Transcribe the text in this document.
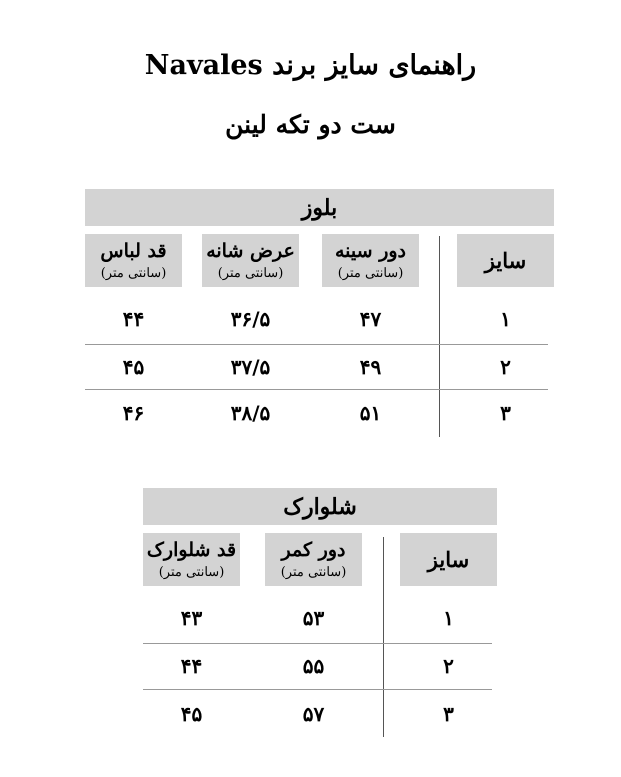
راهنمای سایز برند Navales
ست دو تکه لینن
بلوز
سایز
دور سینه
(سانتی متر)
عرض شانه
(سانتی متر)
قد لباس
(سانتی متر)
۱
۴۷
۳۶/۵
۴۴
۲
۴۹
۳۷/۵
۴۵
۳
۵۱
۳۸/۵
۴۶
شلوارک
سایز
دور کمر
(سانتی متر)
قد شلوارک
(سانتی متر)
۱
۵۳
۴۳
۲
۵۵
۴۴
۳
۵۷
۴۵
